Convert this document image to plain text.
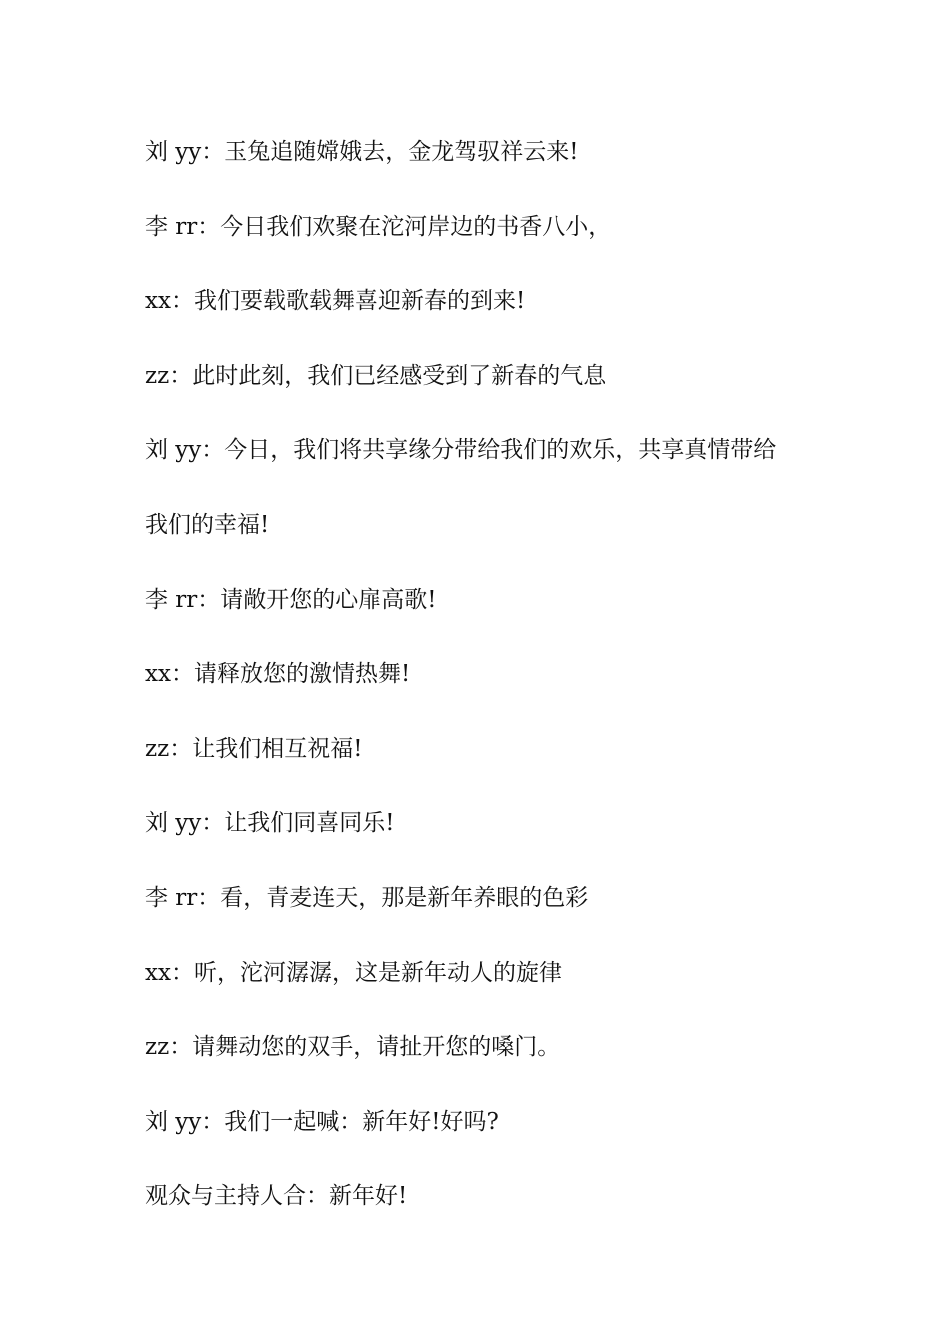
刘 yy：玉兔追随嫦娥去，金龙驾驭祥云来!
李 rr：今日我们欢聚在沱河岸边的书香八小，
xx：我们要载歌载舞喜迎新春的到来!
zz：此时此刻，我们已经感受到了新春的气息
刘 yy：今日，我们将共享缘分带给我们的欢乐，共享真情带给
我们的幸福!
李 rr：请敞开您的心扉高歌!
xx：请释放您的激情热舞!
zz：让我们相互祝福!
刘 yy：让我们同喜同乐!
李 rr：看，青麦连天，那是新年养眼的色彩
xx：听，沱河潺潺，这是新年动人的旋律
zz：请舞动您的双手，请扯开您的嗓门。
刘 yy：我们一起喊：新年好!好吗?
观众与主持人合：新年好!
